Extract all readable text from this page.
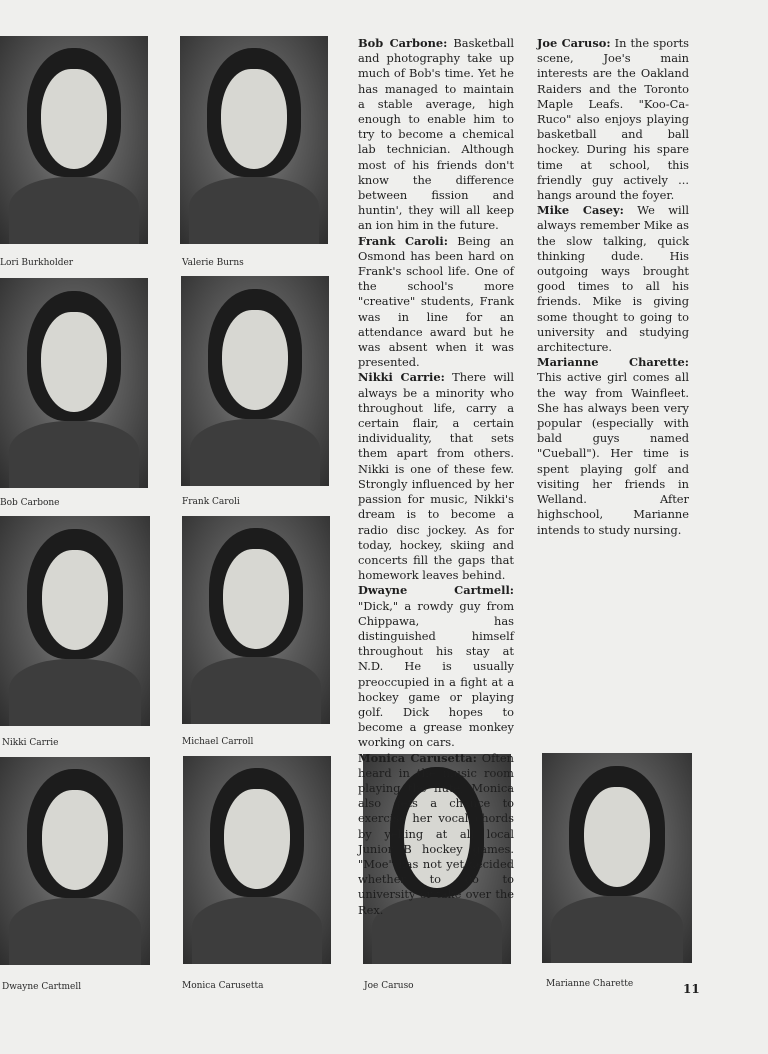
Lori Burkholder	Valerie Burns
Bob Carbone	Frank Caroli
Nikki Carrie	Michael Carroll
Dwayne Cartmell	Monica Carusetta	Joe Caruso	Marianne Charette

Bob Carbone: Basketball and photography take up much of Bob's time. Yet he has managed to maintain a stable average, high enough to enable him to try to become a chemical lab technician. Although most of his friends don't know the difference between fission and huntin', they will all keep an ion him in the future.

Frank Caroli: Being an Osmond has been hard on Frank's school life. One of the school's more "creative" students, Frank was in line for an attendance award but he was absent when it was presented.

Nikki Carrie: There will always be a minority who throughout life, carry a certain flair, a certain individuality, that sets them apart from others. Nikki is one of these few. Strongly influenced by her passion for music, Nikki's dream is to become a radio disc jockey. As for today, hockey, skiing and concerts fill the gaps that homework leaves behind.

Dwayne Cartmell: "Dick," a rowdy guy from Chippawa, has distinguished himself throughout his stay at N.D. He is usually preoccupied in a fight at a hockey game or playing golf. Dick hopes to become a grease monkey working on cars.

Monica Carusetta: Often heard in the music room playing the flute, Monica also gets a chance to exercise her vocal chords by yelling at all local Junior B hockey games. "Moe" has not yet decided whether to go to university or take over the Rex.

Joe Caruso: In the sports scene, Joe's main interests are the Oakland Raiders and the Toronto Maple Leafs. "Koo-Ca-Ruco" also enjoys playing basketball and ball hockey. During his spare time at school, this friendly guy actively ... hangs around the foyer.

Mike Casey: We will always remember Mike as the slow talking, quick thinking dude. His outgoing ways brought good times to all his friends. Mike is giving some thought to going to university and studying architecture.

Marianne Charette: This active girl comes all the way from Wainfleet. She has always been very popular (especially with bald guys named "Cueball"). Her time is spent playing golf and visiting her friends in Welland. After highschool, Marianne intends to study nursing.

11
